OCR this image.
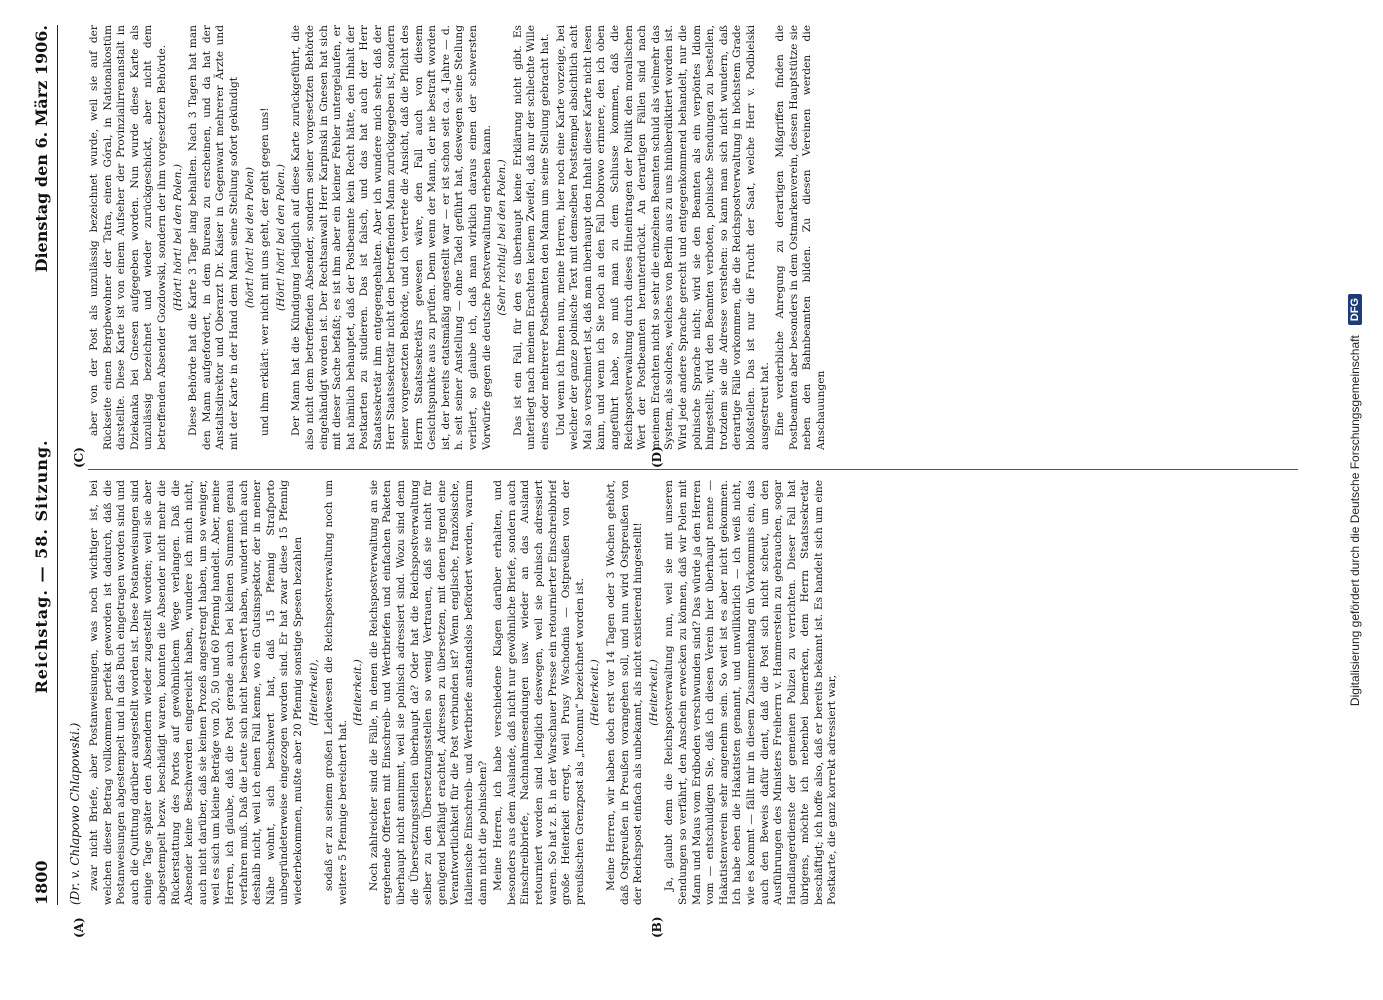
1800
Reichstag. — 58. Sitzung.
Dienstag den 6. März 1906.
(Dr. v. Chlapowo Chlapowski.)
(A)	(B)
(C)	(D)

zwar nicht Briefe, aber Postanweisungen, was noch wichtiger ist, bei welchen dieser Betrag vollkommen perfekt geworden ist dadurch, daß die Postanweisungen abgestempelt und in das Buch eingetragen worden sind und auch die Quittung darüber ausgestellt worden ist. Diese Postanweisungen sind einige Tage später den Absendern wieder zugestellt worden; weil sie aber abgestempelt bezw. beschädigt waren, konnten die Absender nicht mehr die Rückerstattung des Portos auf gewöhnlichem Wege verlangen. Daß die Absender keine Beschwerden eingereicht haben, wundere ich mich nicht, auch nicht darüber, daß sie keinen Prozeß angestrengt haben, um so weniger, weil es sich um kleine Beträge von 20, 50 und 60 Pfennig handelt. Aber, meine Herren, ich glaube, daß die Post gerade auch bei kleinen Summen genau verfahren muß. Daß die Leute sich nicht beschwert haben, wundert mich auch deshalb nicht, weil ich einen Fall kenne, wo ein Gutsinspektor, der in meiner Nähe wohnt, sich beschwert hat, daß 15 Pfennig Strafporto unbegründeterweise eingezogen worden sind. Er hat zwar diese 15 Pfennig wiederbekommen, mußte aber 20 Pfennig sonstige Spesen bezahlen (Heiterkeit), sodaß er zu seinem großen Leidwesen die Reichspostverwaltung noch um weitere 5 Pfennige bereichert hat.

(Heiterkeit.) Noch zahlreicher sind die Fälle, in denen die Reichspostverwaltung an sie ergehende Offerten mit Einschreib- und Wertbriefen und einfachen Paketen überhaupt nicht annimmt, weil sie polnisch adressiert sind. Wozu sind denn die Übersetzungsstellen überhaupt da? Oder hat die Reichspostverwaltung selber zu den Übersetzungsstellen so wenig Vertrauen, daß sie nicht für genügend befähigt erachtet, Adressen zu übersetzen, mit denen irgend eine Verantwortlichkeit für die Post verbunden ist? Wenn englische, französische, italienische Einschreib- und Wertbriefe anstandslos befördert werden, warum dann nicht die polnischen? Meine Herren, ich habe verschiedene Klagen darüber erhalten, und besonders aus dem Auslande, daß nicht nur gewöhnliche Briefe, sondern auch Einschreibbriefe, Nachnahmesendungen usw. wieder an das Ausland retourniert worden sind lediglich deswegen, weil sie polnisch adressiert waren. So hat z. B. in der Warschauer Presse ein retournierter Einschreibbrief große Heiterkeit erregt, weil Prusy Wschodnia — Ostpreußen von der preußischen Grenzpost als „Inconnu“ bezeichnet worden ist. (Heiterkeit.) Meine Herren, wir haben doch erst vor 14 Tagen oder 3 Wochen gehört, daß Ostpreußen in Preußen vorangehen soll, und nun wird Ostpreußen von der Reichspost einfach als unbekannt, als nicht existierend hingestellt! (Heiterkeit.) Ja, glaubt denn die Reichspostverwaltung nun, weil sie mit unseren Sendungen so verfährt, den Anschein erwecken zu können, daß wir Polen mit Mann und Maus vom Erdboden verschwunden sind? Das würde ja den Herren vom — entschuldigen Sie, daß ich diesen Verein hier überhaupt nenne — Hakatistenverein sehr angenehm sein. So weit ist es aber nicht gekommen. Ich habe eben die Hakatisten genannt, und unwillkürlich — ich weiß nicht, wie es kommt — fällt mir in diesem Zusammenhang ein Vorkommnis ein, das auch den Beweis dafür dient, daß die Post sich nicht scheut, um den Ausführungen des Ministers Freiherrn v. Hammerstein zu gebrauchen, sogar Handlangerdienste der gemeinen Polizei zu verrichten. Dieser Fall hat übrigens, möchte ich nebenbei bemerken, dem Herrn Staatssekretär beschäftigt; ich hoffe also, daß er bereits bekannt ist. Es handelt sich um eine Postkarte, die ganz korrekt adressiert war,

aber von der Post als unzulässig bezeichnet wurde, weil sie auf der Rückseite einen Bergbewohner der Tatra, einen Góral, in Nationalkostüm darstellte. Diese Karte ist von einem Aufseher der Provinzialirrenanstalt in Dziekanka bei Gnesen aufgegeben worden. Nun wurde diese Karte als unzulässig bezeichnet und wieder zurückgeschickt, aber nicht dem betreffenden Absender Gozdowski, sondern der ihm vorgesetzten Behörde. (Hört! hört! bei den Polen.) Diese Behörde hat die Karte 3 Tage lang behalten. Nach 3 Tagen hat man den Mann aufgefordert, in dem Bureau zu erscheinen, und da hat der Anstaltsdirektor und Oberarzt Dr. Kaiser in Gegenwart mehrerer Ärzte und mit der Karte in der Hand dem Mann seine Stellung sofort gekündigt (hört! hört! bei den Polen) und ihm erklärt: wer nicht mit uns geht, der geht gegen uns! (Hört! hört! bei den Polen.) Der Mann hat die Kündigung lediglich auf diese Karte zurückgeführt, die also nicht dem betreffenden Absender, sondern seiner vorgesetzten Behörde eingehändigt worden ist. Der Rechtsanwalt Herr Karpinski in Gnesen hat sich mit dieser Sache befaßt; es ist ihm aber ein kleiner Fehler untergelaufen, er hat nämlich behauptet, daß der Postbeamte kein Recht hätte, den Inhalt der Postkarten zu studieren. Das ist falsch, und das hat auch der Herr Staatssekretär ihm entgegengehalten. Aber ich wundere mich sehr, daß der Herr Staatssekretär nicht den betreffenden Mann zurückgegeben ist, sondern seiner vorgesetzten Behörde, und ich vertrete die Ansicht, daß die Pflicht des Herrn Staatssekretärs gewesen wäre, den Fall auch von diesem Gesichtspunkte aus zu prüfen. Denn wenn der Mann, der nie bestraft worden ist, der bereits etatsmäßig angestellt war — er ist schon seit ca. 4 Jahre — d. h. seit seiner Anstellung — ohne Tadel geführt hat, deswegen seine Stellung verliert, so glaube ich, daß man wirklich daraus einen der schwersten Vorwürfe gegen die deutsche Postverwaltung erheben kann. (Sehr richtig! bei den Polen.) Das ist ein Fall, für den es überhaupt keine Erklärung nicht gibt. Es unterliegt nach meinem Erachten keinem Zweifel, daß nur der schlechte Wille eines oder mehrerer Postbeamten den Mann um seine Stellung gebracht hat. Und wenn ich Ihnen nun, meine Herren, hier noch eine Karte vorzeige, bei welcher der ganze polnische Text mit demselben Poststempel absichtlich acht Mal so verschmiert ist, daß man überhaupt den Inhalt dieser Karte nicht lesen kann, und wenn ich Sie noch an den Fall Dobrowo erinnere, den ich oben angeführt habe, so muß man zu dem Schlusse kommen, daß die Reichspostverwaltung durch dieses Hineintragen der Politik den moralischen Wert der Postbeamten herunterdrückt. An derartigen Fällen sind nach meinem Erachten nicht so sehr die einzelnen Beamten schuld als vielmehr das System, als solches, welches von Berlin aus zu uns hinüberdiktiert worden ist. Wird jede andere Sprache gerecht und entgegenkommend behandelt, nur die polnische Sprache nicht; wird sie den Beamten als ein verpöntes Idiom hingestellt; wird den Beamten verboten, polnische Sendungen zu bestellen, trotzdem sie die Adresse verstehen: so kann man sich nicht wundern, daß derartige Fälle vorkommen, die die Reichspostverwaltung in höchstem Grade bloßstellen. Das ist nur die Frucht der Saat, welche Herr v. Podbielski ausgestreut hat. Eine verderbliche Anregung zu derartigen Mißgriffen finden die Postbeamten aber besonders in dem Ostmarkenverein, dessen Hauptstütze sie neben den Bahnbeamten bilden. Zu diesen Vereinen werden die Anschauungen	Digitalisierung gefördert durch die Deutsche Forschungsgemeinschaft
DFG
